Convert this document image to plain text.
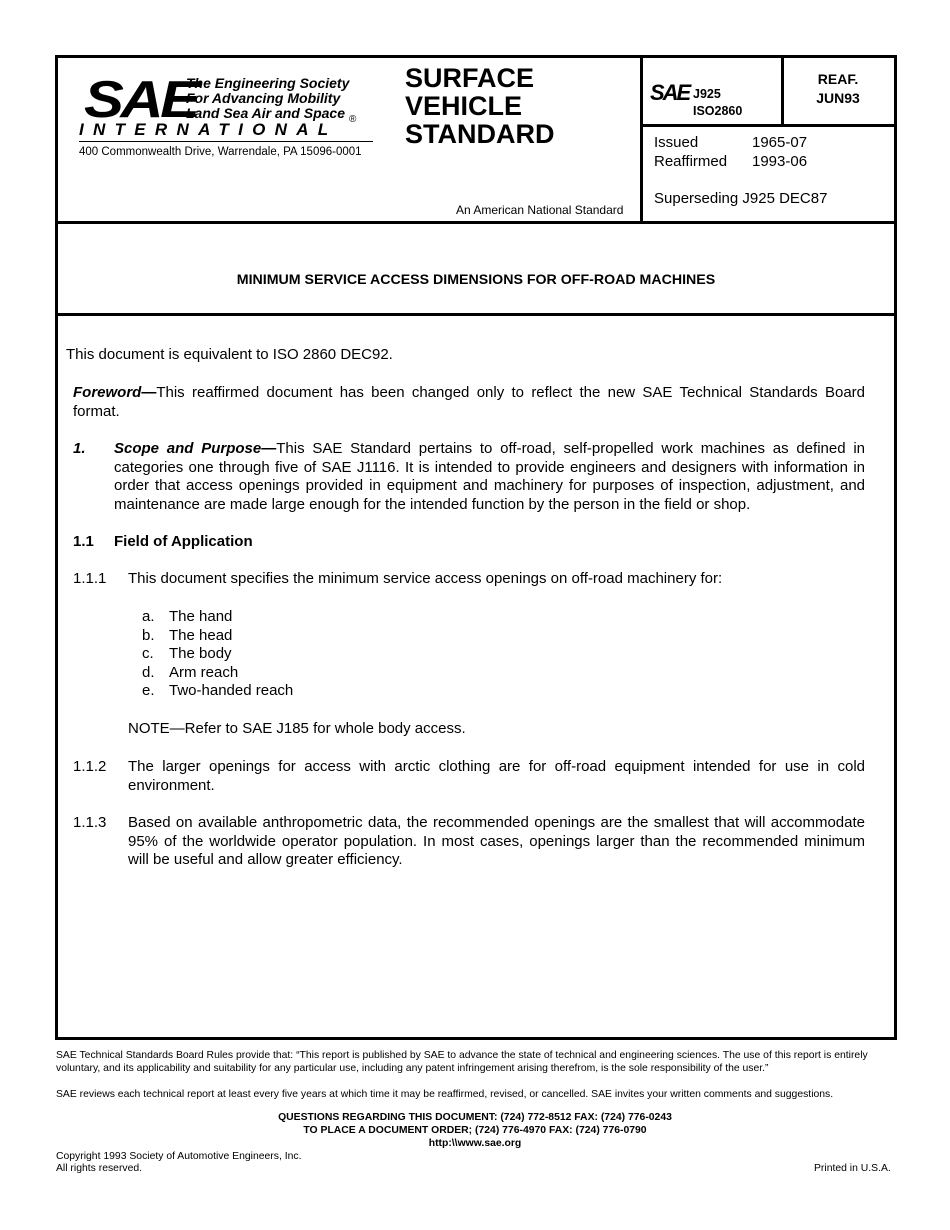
SAE
The Engineering Society
For Advancing Mobility
Land Sea Air and Space ®
INTERNATIONAL
400 Commonwealth Drive, Warrendale, PA 15096-0001
SURFACE
VEHICLE
STANDARD
An American National Standard
SAE J925
ISO2860
REAF.
JUN93
Issued	1965-07
Reaffirmed 1993-06
Superseding J925 DEC87
MINIMUM SERVICE ACCESS DIMENSIONS FOR OFF-ROAD MACHINES
This document is equivalent to ISO 2860 DEC92.
Foreword—This reaffirmed document has been changed only to reflect the new SAE Technical Standards Board format.
1. Scope and Purpose—This SAE Standard pertains to off-road, self-propelled work machines as defined in categories one through five of SAE J1116. It is intended to provide engineers and designers with information in order that access openings provided in equipment and machinery for purposes of inspection, adjustment, and maintenance are made large enough for the intended function by the person in the field or shop.
1.1 Field of Application
1.1.1 This document specifies the minimum service access openings on off-road machinery for:
a. The hand
b. The head
c. The body
d. Arm reach
e. Two-handed reach
NOTE—Refer to SAE J185 for whole body access.
1.1.2 The larger openings for access with arctic clothing are for off-road equipment intended for use in cold environment.
1.1.3 Based on available anthropometric data, the recommended openings are the smallest that will accommodate 95% of the worldwide operator population. In most cases, openings larger than the recommended minimum will be useful and allow greater efficiency.
SAE Technical Standards Board Rules provide that: “This report is published by SAE to advance the state of technical and engineering sciences. The use of this report is entirely voluntary, and its applicability and suitability for any particular use, including any patent infringement arising therefrom, is the sole responsibility of the user.”
SAE reviews each technical report at least every five years at which time it may be reaffirmed, revised, or cancelled. SAE invites your written comments and suggestions.
QUESTIONS REGARDING THIS DOCUMENT: (724) 772-8512 FAX: (724) 776-0243
TO PLACE A DOCUMENT ORDER; (724) 776-4970 FAX: (724) 776-0790
http:\\www.sae.org
Copyright 1993 Society of Automotive Engineers, Inc.
All rights reserved.	Printed in U.S.A.
